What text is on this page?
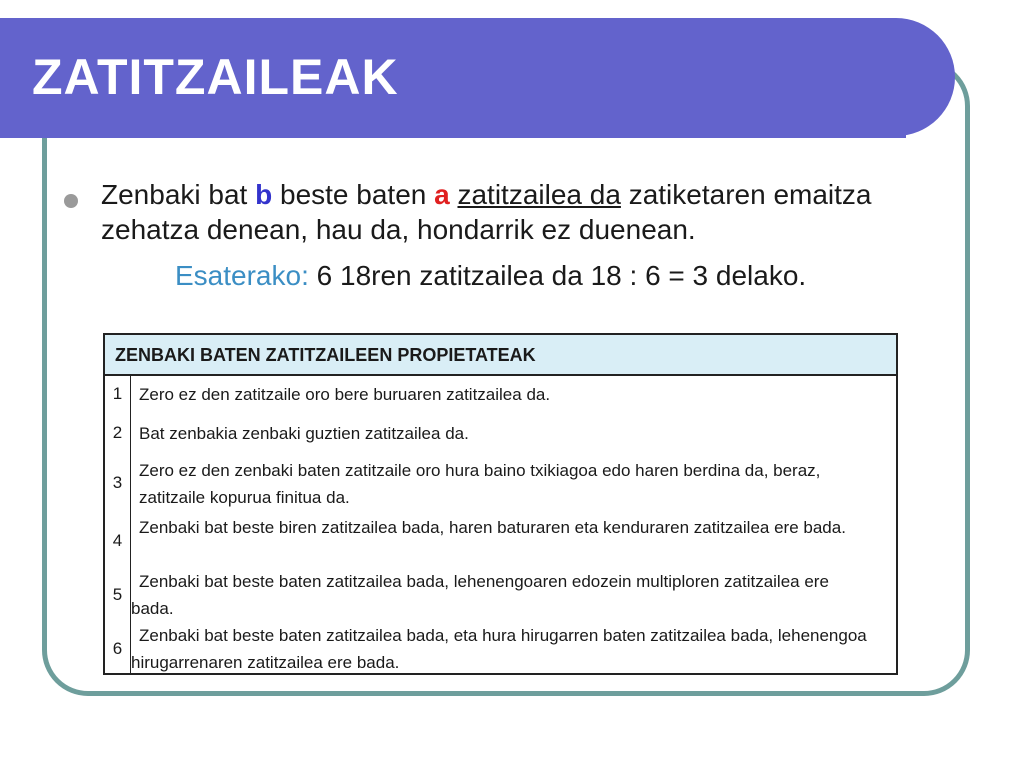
ZATITZAILEAK
Zenbaki bat b beste baten a zatitzailea da zatiketaren emaitza zehatza denean, hau da, hondarrik ez duenean.
Esaterako: 6 18ren zatitzailea da 18 : 6 = 3 delako.
ZENBAKI BATEN ZATITZAILEEN PROPIETATEAK
1 Zero ez den zatitzaile oro bere buruaren zatitzailea da.
2 Bat zenbakia zenbaki guztien zatitzailea da.
3
Zero ez den zenbaki baten zatitzaile oro hura baino txikiagoa edo haren berdina da, beraz, zatitzaile kopurua finitua da.
4
Zenbaki bat beste biren zatitzailea bada, haren baturaren eta kenduraren zatitzailea ere bada.
5
Zenbaki bat beste baten zatitzailea bada, lehenengoaren edozein multiploren zatitzailea ere bada.
6
Zenbaki bat beste baten zatitzailea bada, eta hura hirugarren baten zatitzailea bada, lehenengoa hirugarrenaren zatitzailea ere bada.
